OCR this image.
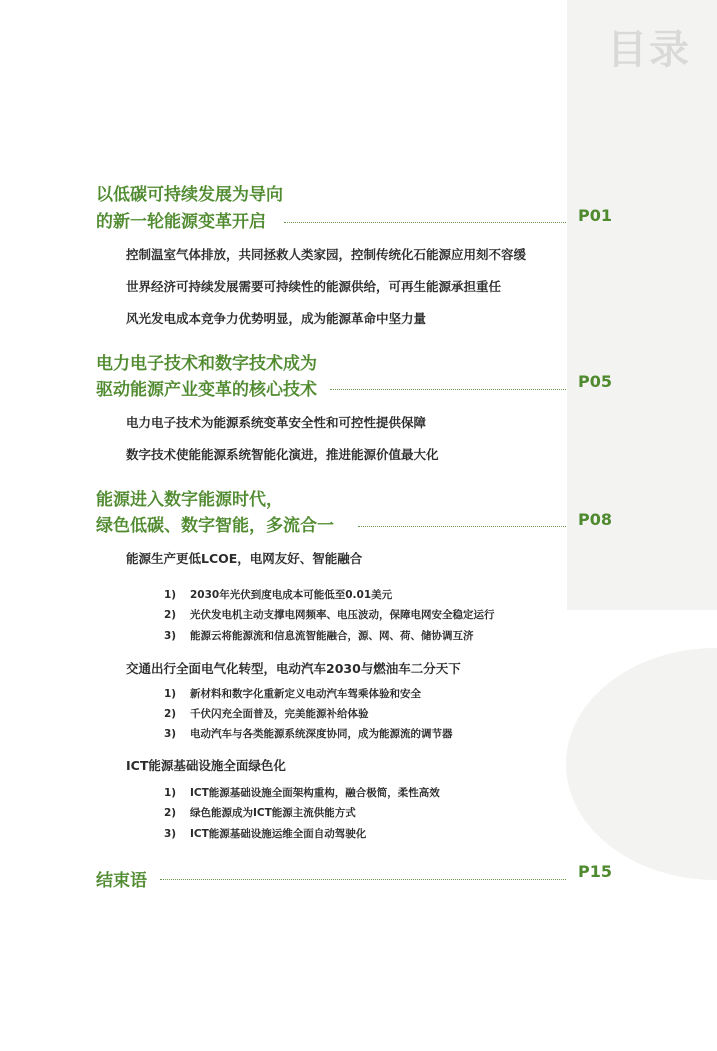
目录
以低碳可持续发展为导向
的新一轮能源变革开启	P01
控制温室气体排放，共同拯救人类家园，控制传统化石能源应用刻不容缓
世界经济可持续发展需要可持续性的能源供给，可再生能源承担重任
风光发电成本竞争力优势明显，成为能源革命中坚力量
电力电子技术和数字技术成为
驱动能源产业变革的核心技术	P05
电力电子技术为能源系统变革安全性和可控性提供保障
数字技术使能能源系统智能化演进，推进能源价值最大化
能源进入数字能源时代，
绿色低碳、数字智能，多流合一	P08
能源生产更低LCOE，电网友好、智能融合
1) 2030年光伏到度电成本可能低至0.01美元
2) 光伏发电机主动支撑电网频率、电压波动，保障电网安全稳定运行
3) 能源云将能源流和信息流智能融合，源、网、荷、储协调互济
交通出行全面电气化转型，电动汽车2030与燃油车二分天下
1) 新材料和数字化重新定义电动汽车驾乘体验和安全
2) 千伏闪充全面普及，完美能源补给体验
3) 电动汽车与各类能源系统深度协同，成为能源流的调节器
ICT能源基础设施全面绿色化
1) ICT能源基础设施全面架构重构，融合极简，柔性高效
2) 绿色能源成为ICT能源主流供能方式
3) ICT能源基础设施运维全面自动驾驶化
结束语	P15
